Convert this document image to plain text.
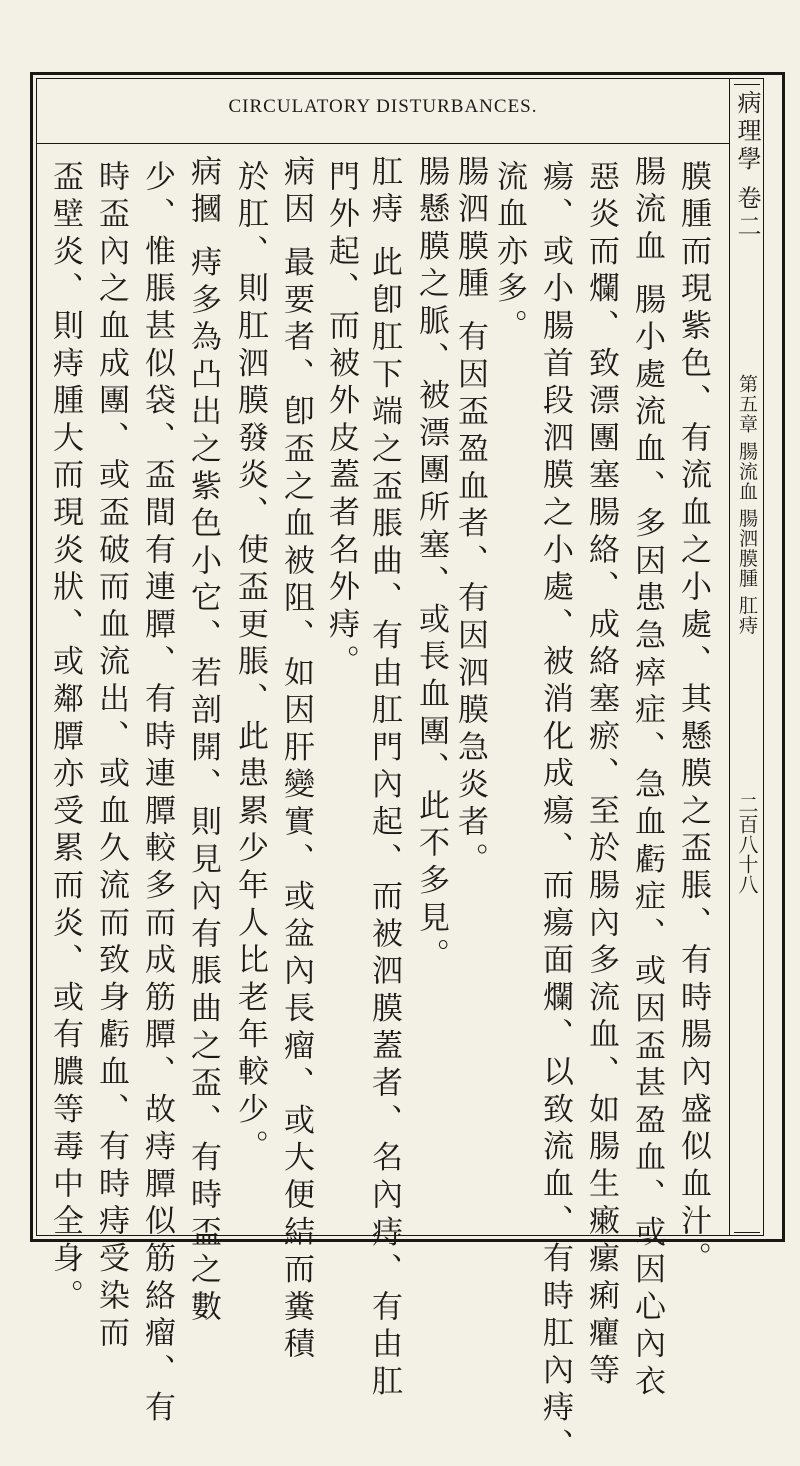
CIRCULATORY DISTURBANCES.	病理學 卷二
第五章 腸流血 腸泗膜腫 肛痔
二百八十八
膜腫而現紫色、有流血之小處、其懸膜之盃脹、有時腸內盛似血汁。
腸流血 腸小處流血、多因患急瘁症、急血虧症、或因盃甚盈血、或因心內衣
惡炎而爛、致漂團塞腸絡、成絡塞瘀、至於腸內多流血、如腸生瘷瘰痢癯等
瘍、或小腸首段泗膜之小處、被消化成瘍、而瘍面爛、以致流血、有時肛內痔、
流血亦多。
腸泗膜腫 有因盃盈血者、有因泗膜急炎者。
腸懸膜之脈、被漂團所塞、或長血團、此不多見。
肛痔 此卽肛下端之盃脹曲、有由肛門內起、而被泗膜蓋者、名內痔、有由肛
門外起、而被外皮蓋者名外痔。
病因 最要者、卽盃之血被阻、如因肝變實、或盆內長瘤、或大便結而糞積
於肛、則肛泗膜發炎、使盃更脹、此患累少年人比老年較少。
病摑 痔多為凸出之紫色小它、若剖開、則見內有脹曲之盃、有時盃之數
少、惟脹甚似袋、盃間有連䐺、有時連䐺較多而成筋䐺、故痔䐺似筋絡瘤、有
時盃內之血成團、或盃破而血流出、或血久流而致身虧血、有時痔受染而
盃壁炎、則痔腫大而現炎狀、或鄰䐺亦受累而炎、或有膿等毒中全身。
